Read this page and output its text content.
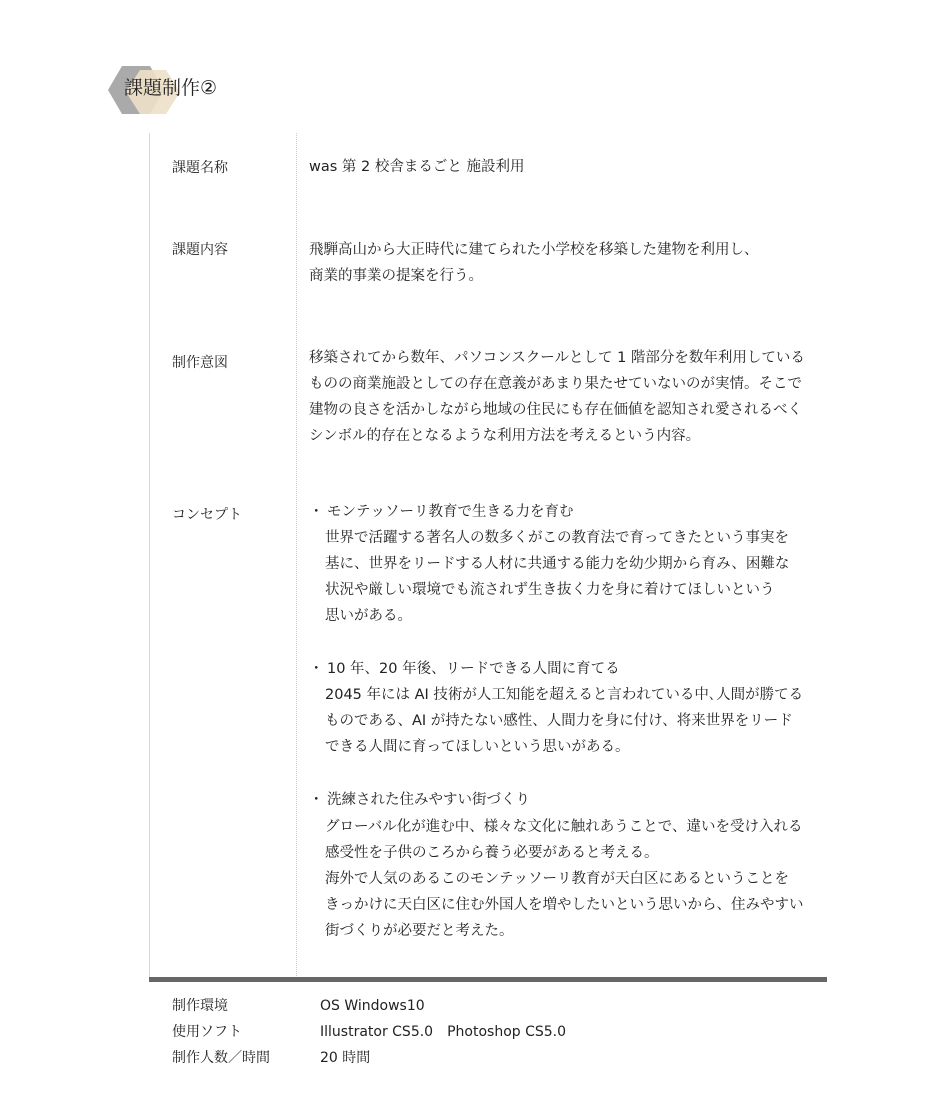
課題制作②
課題名称	was 第 2 校舎まるごと 施設利用
課題内容	飛騨高山から大正時代に建てられた小学校を移築した建物を利用し、
商業的事業の提案を行う。
制作意図	移築されてから数年、パソコンスクールとして 1 階部分を数年利用している
ものの商業施設としての存在意義があまり果たせていないのが実情。そこで
建物の良さを活かしながら地域の住民にも存在価値を認知され愛されるべく
シンボル的存在となるような利用方法を考えるという内容。
コンセプト	・ モンテッソーリ教育で生きる力を育む
世界で活躍する著名人の数多くがこの教育法で育ってきたという事実を
基に、世界をリードする人材に共通する能力を幼少期から育み、困難な
状況や厳しい環境でも流されず生き抜く力を身に着けてほしいという
思いがある。
・ 10 年、20 年後、リードできる人間に育てる
2045 年には AI 技術が人工知能を超えると言われている中､人間が勝てる
ものである、AI が持たない感性、人間力を身に付け、将来世界をリード
できる人間に育ってほしいという思いがある。
・ 洗練された住みやすい街づくり
グローバル化が進む中、様々な文化に触れあうことで、違いを受け入れる
感受性を子供のころから養う必要があると考える。
海外で人気のあるこのモンテッソーリ教育が天白区にあるということを
きっかけに天白区に住む外国人を増やしたいという思いから、住みやすい
街づくりが必要だと考えた。
制作環境	OS Windows10
使用ソフト	Illustrator CS5.0　Photoshop CS5.0
制作人数／時間	20 時間
